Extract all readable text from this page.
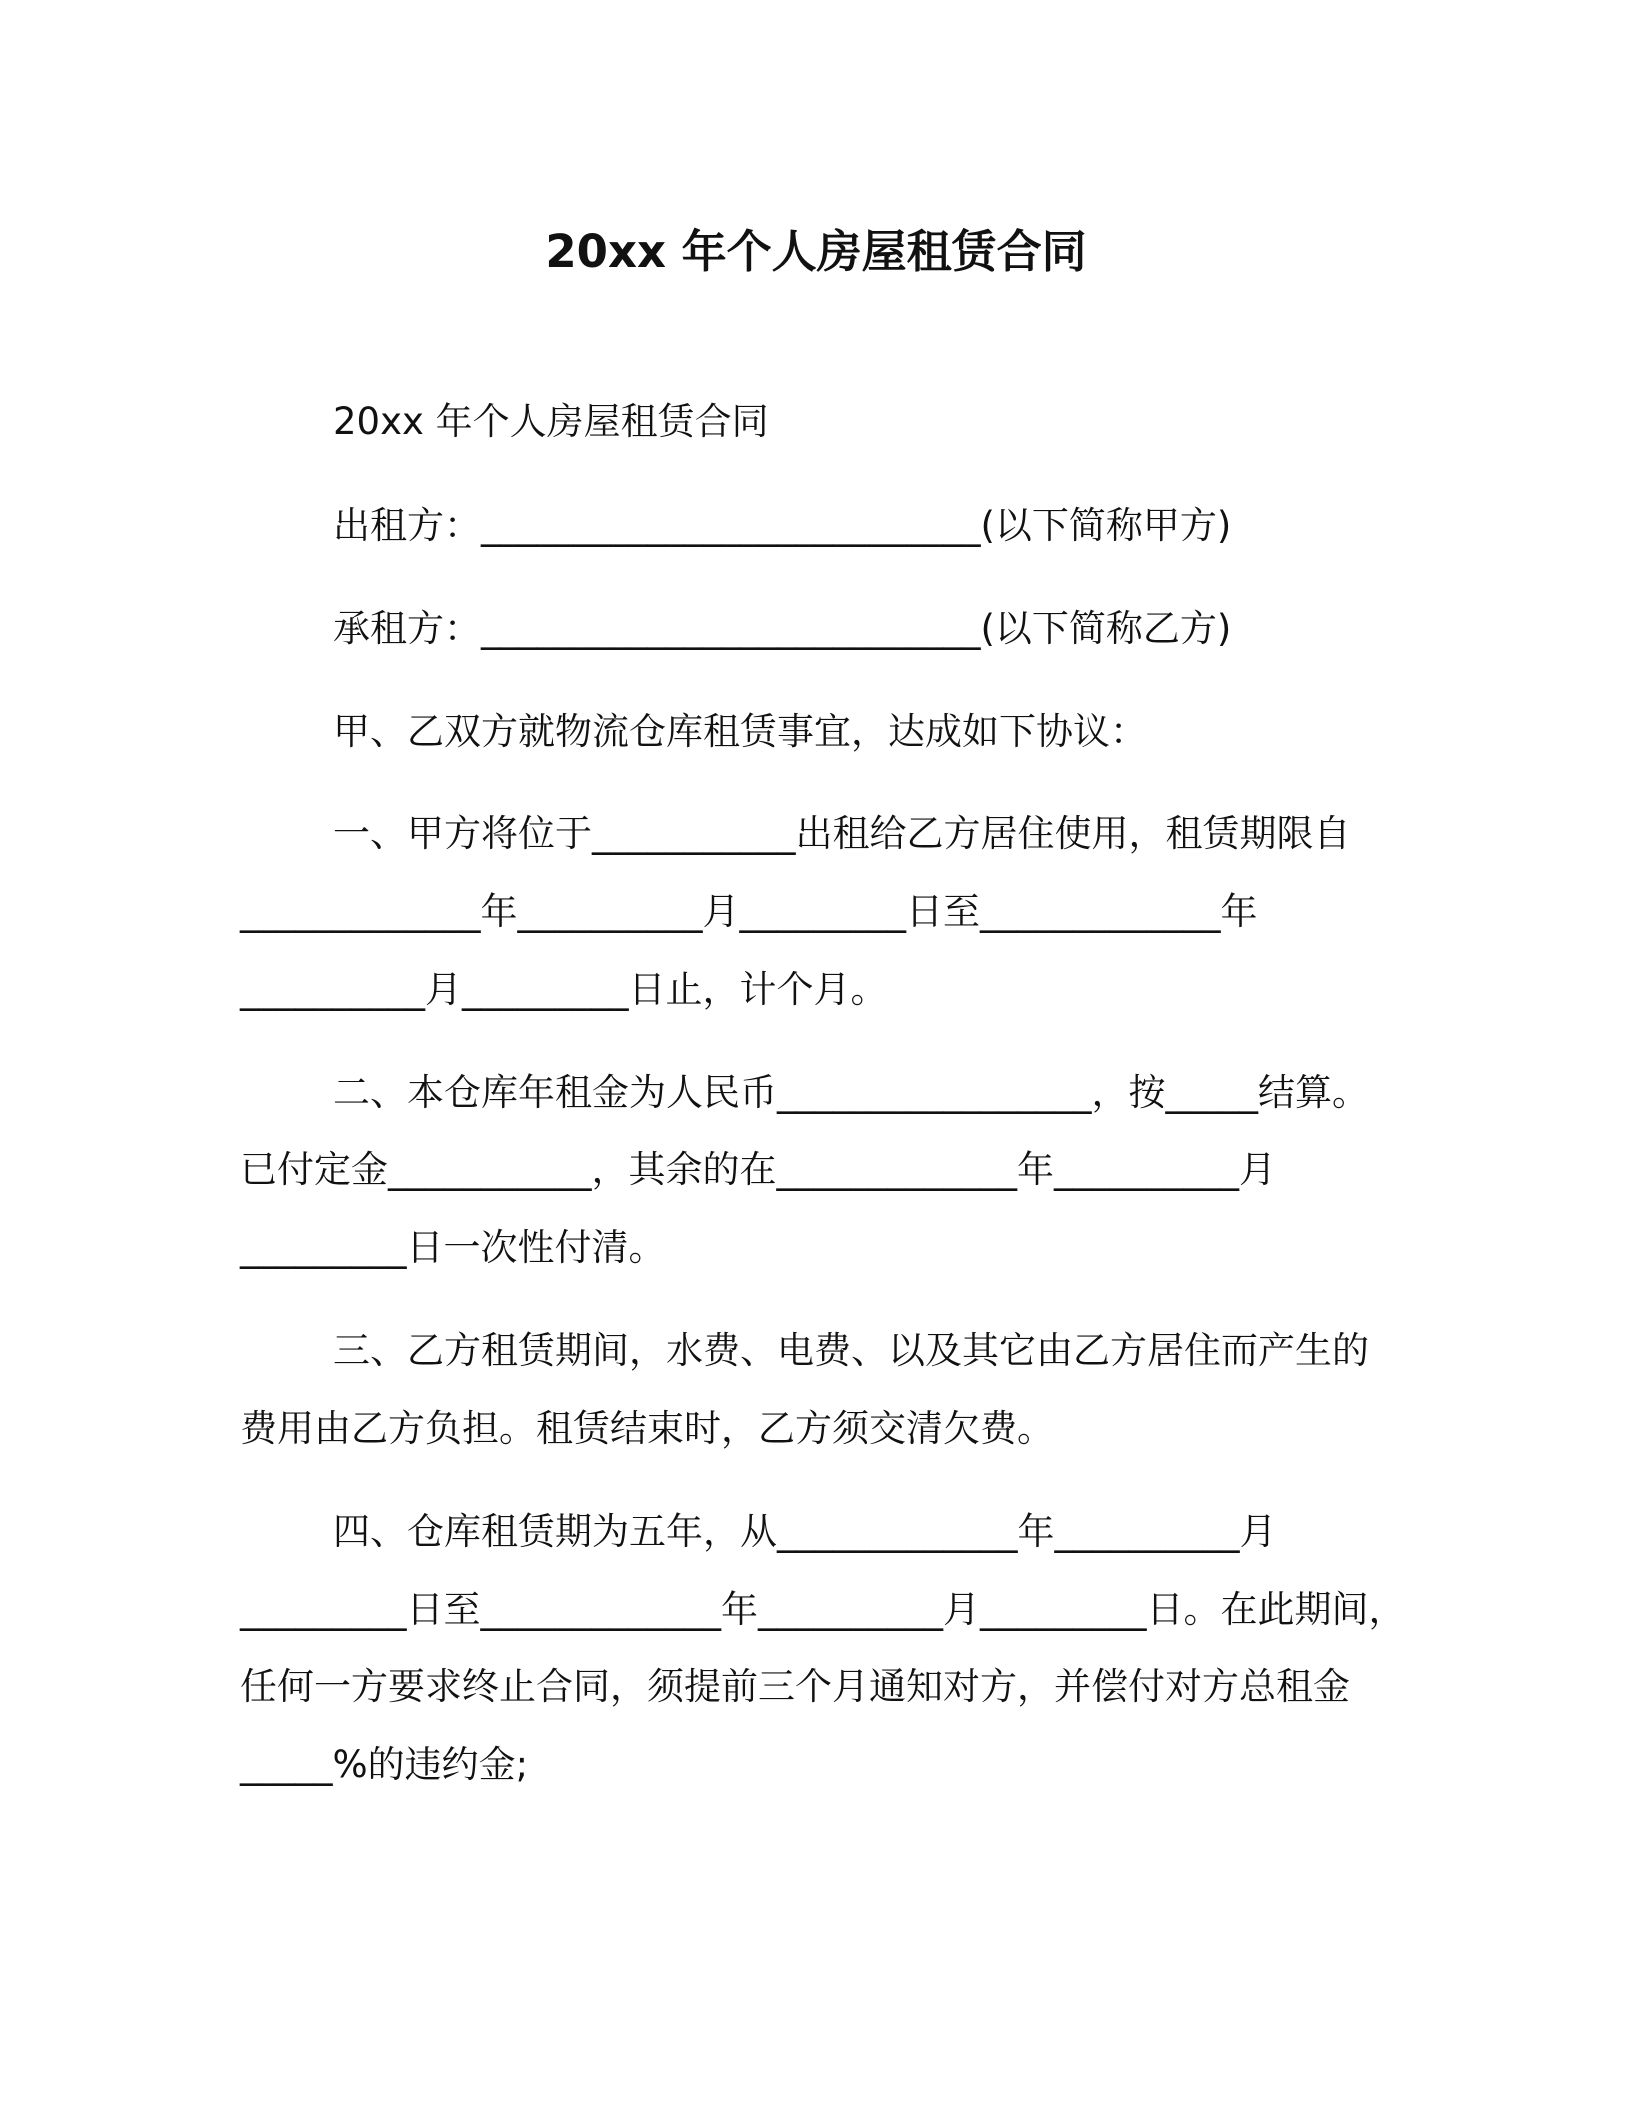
20xx 年个人房屋租赁合同
20xx 年个人房屋租赁合同
出租方：___________________________(以下简称甲方)
承租方：___________________________(以下简称乙方)
甲、乙双方就物流仓库租赁事宜，达成如下协议：
一、甲方将位于___________出租给乙方居住使用，租赁期限自
_____________年__________月_________日至_____________年
__________月_________日止，计个月。
二、本仓库年租金为人民币_________________，按_____结算。
已付定金___________，其余的在_____________年__________月
_________日一次性付清。
三、乙方租赁期间，水费、电费、以及其它由乙方居住而产生的
费用由乙方负担。租赁结束时，乙方须交清欠费。
四、仓库租赁期为五年，从_____________年__________月
_________日至_____________年__________月_________日。在此期间，
任何一方要求终止合同，须提前三个月通知对方，并偿付对方总租金
_____%的违约金;
